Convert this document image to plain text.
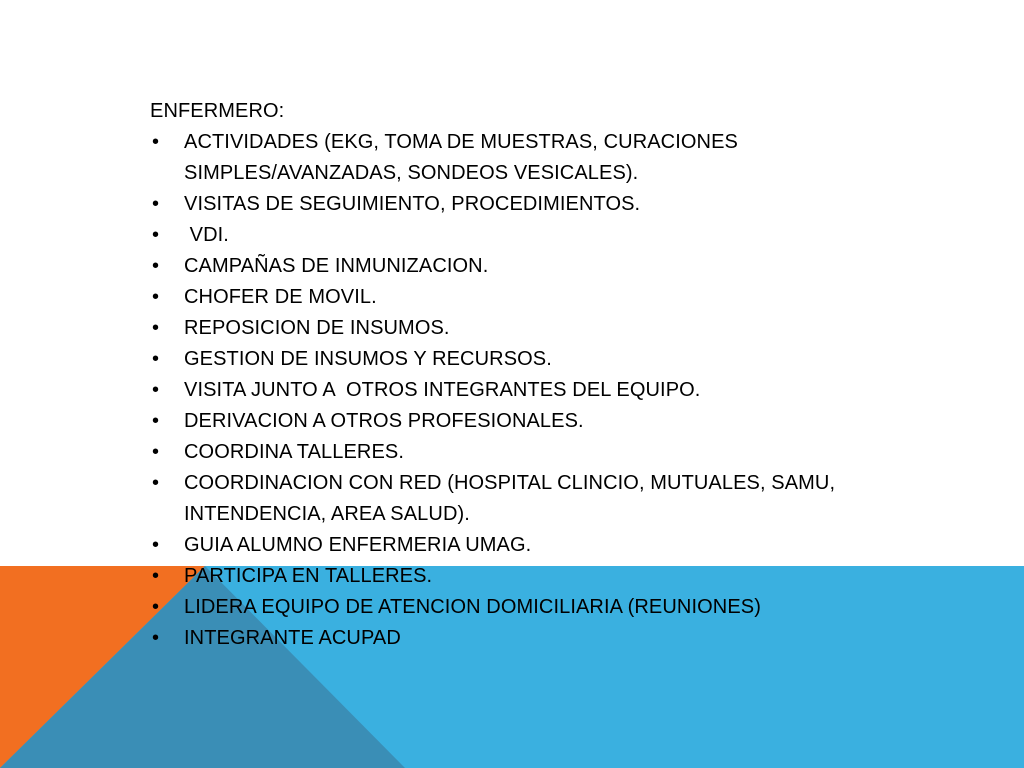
ENFERMERO:

• ACTIVIDADES (EKG, TOMA DE MUESTRAS, CURACIONES SIMPLES/AVANZADAS, SONDEOS VESICALES).
• VISITAS DE SEGUIMIENTO, PROCEDIMIENTOS.
• VDI.
• CAMPAÑAS DE INMUNIZACION.
• CHOFER DE MOVIL.
• REPOSICION DE INSUMOS.
• GESTION DE INSUMOS Y RECURSOS.
• VISITA JUNTO A  OTROS INTEGRANTES DEL EQUIPO.
• DERIVACION A OTROS PROFESIONALES.
• COORDINA TALLERES.
• COORDINACION CON RED (HOSPITAL CLINCIO, MUTUALES, SAMU, INTENDENCIA, AREA SALUD).
• GUIA ALUMNO ENFERMERIA UMAG.
• PARTICIPA EN TALLERES.
• LIDERA EQUIPO DE ATENCION DOMICILIARIA (REUNIONES)
• INTEGRANTE ACUPAD
